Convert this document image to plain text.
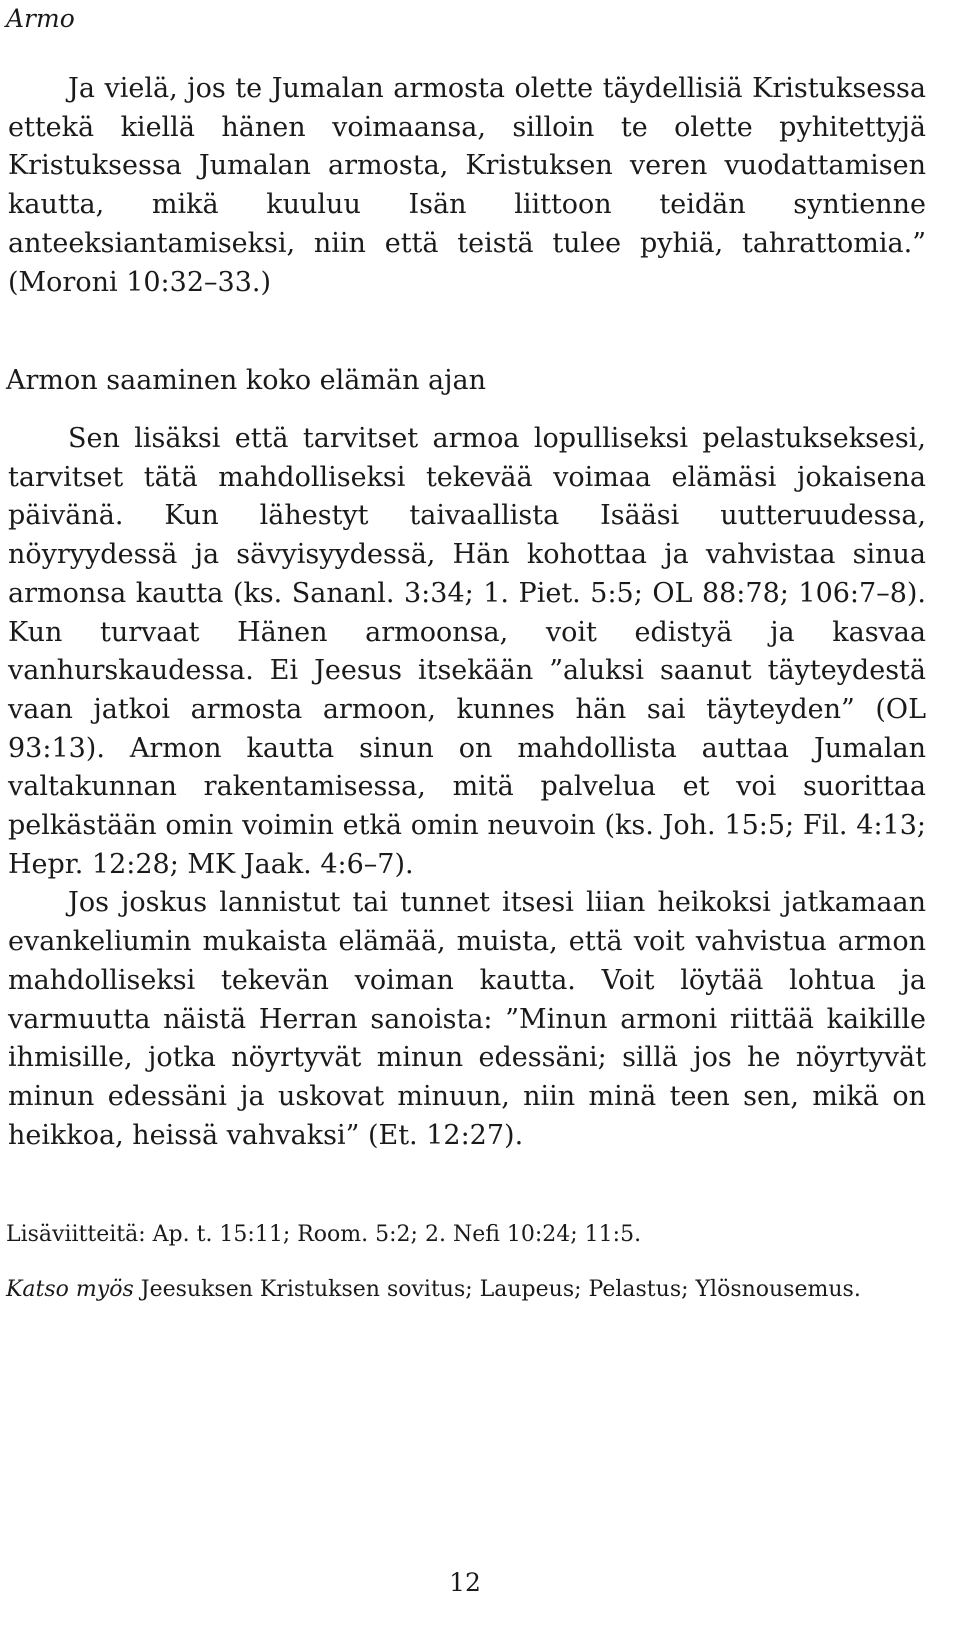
Armo

Ja vielä, jos te Jumalan armosta olette täydellisiä Kristuksessa ettekä kiellä hänen voimaansa, silloin te olette pyhitettyjä Kristuksessa Jumalan armosta, Kristuksen veren vuodattamisen kautta, mikä kuuluu Isän liittoon teidän syntienne anteeksiantamiseksi, niin että teistä tulee pyhiä, tahrattomia.” (Moroni 10:32–33.)

Armon saaminen koko elämän ajan

Sen lisäksi että tarvitset armoa lopulliseksi pelastukseksesi, tarvitset tätä mahdolliseksi tekevää voimaa elämäsi jokaisena päivänä. Kun lähestyt taivaallista Isääsi uutteruudessa, nöyryydessä ja sävyisyydessä, Hän kohottaa ja vahvistaa sinua armonsa kautta (ks. Sananl. 3:34; 1. Piet. 5:5; OL 88:78; 106:7–8). Kun turvaat Hänen armoonsa, voit edistyä ja kasvaa vanhurskaudessa. Ei Jeesus itsekään ”aluksi saanut täyteydestä vaan jatkoi armosta armoon, kunnes hän sai täyteyden” (OL 93:13). Armon kautta sinun on mahdollista auttaa Jumalan valtakunnan rakentamisessa, mitä palvelua et voi suorittaa pelkästään omin voimin etkä omin neuvoin (ks. Joh. 15:5; Fil. 4:13; Hepr. 12:28; MK Jaak. 4:6–7).

Jos joskus lannistut tai tunnet itsesi liian heikoksi jatkamaan evankeliumin mukaista elämää, muista, että voit vahvistua armon mahdolliseksi tekevän voiman kautta. Voit löytää lohtua ja varmuutta näistä Herran sanoista: ”Minun armoni riittää kaikille ihmisille, jotka nöyrtyvät minun edessäni; sillä jos he nöyrtyvät minun edessäni ja uskovat minuun, niin minä teen sen, mikä on heikkoa, heissä vahvaksi” (Et. 12:27).

Lisäviitteitä: Ap. t. 15:11; Room. 5:2; 2. Nefi 10:24; 11:5.

Katso myös Jeesuksen Kristuksen sovitus; Laupeus; Pelastus; Ylösnousemus.

12
